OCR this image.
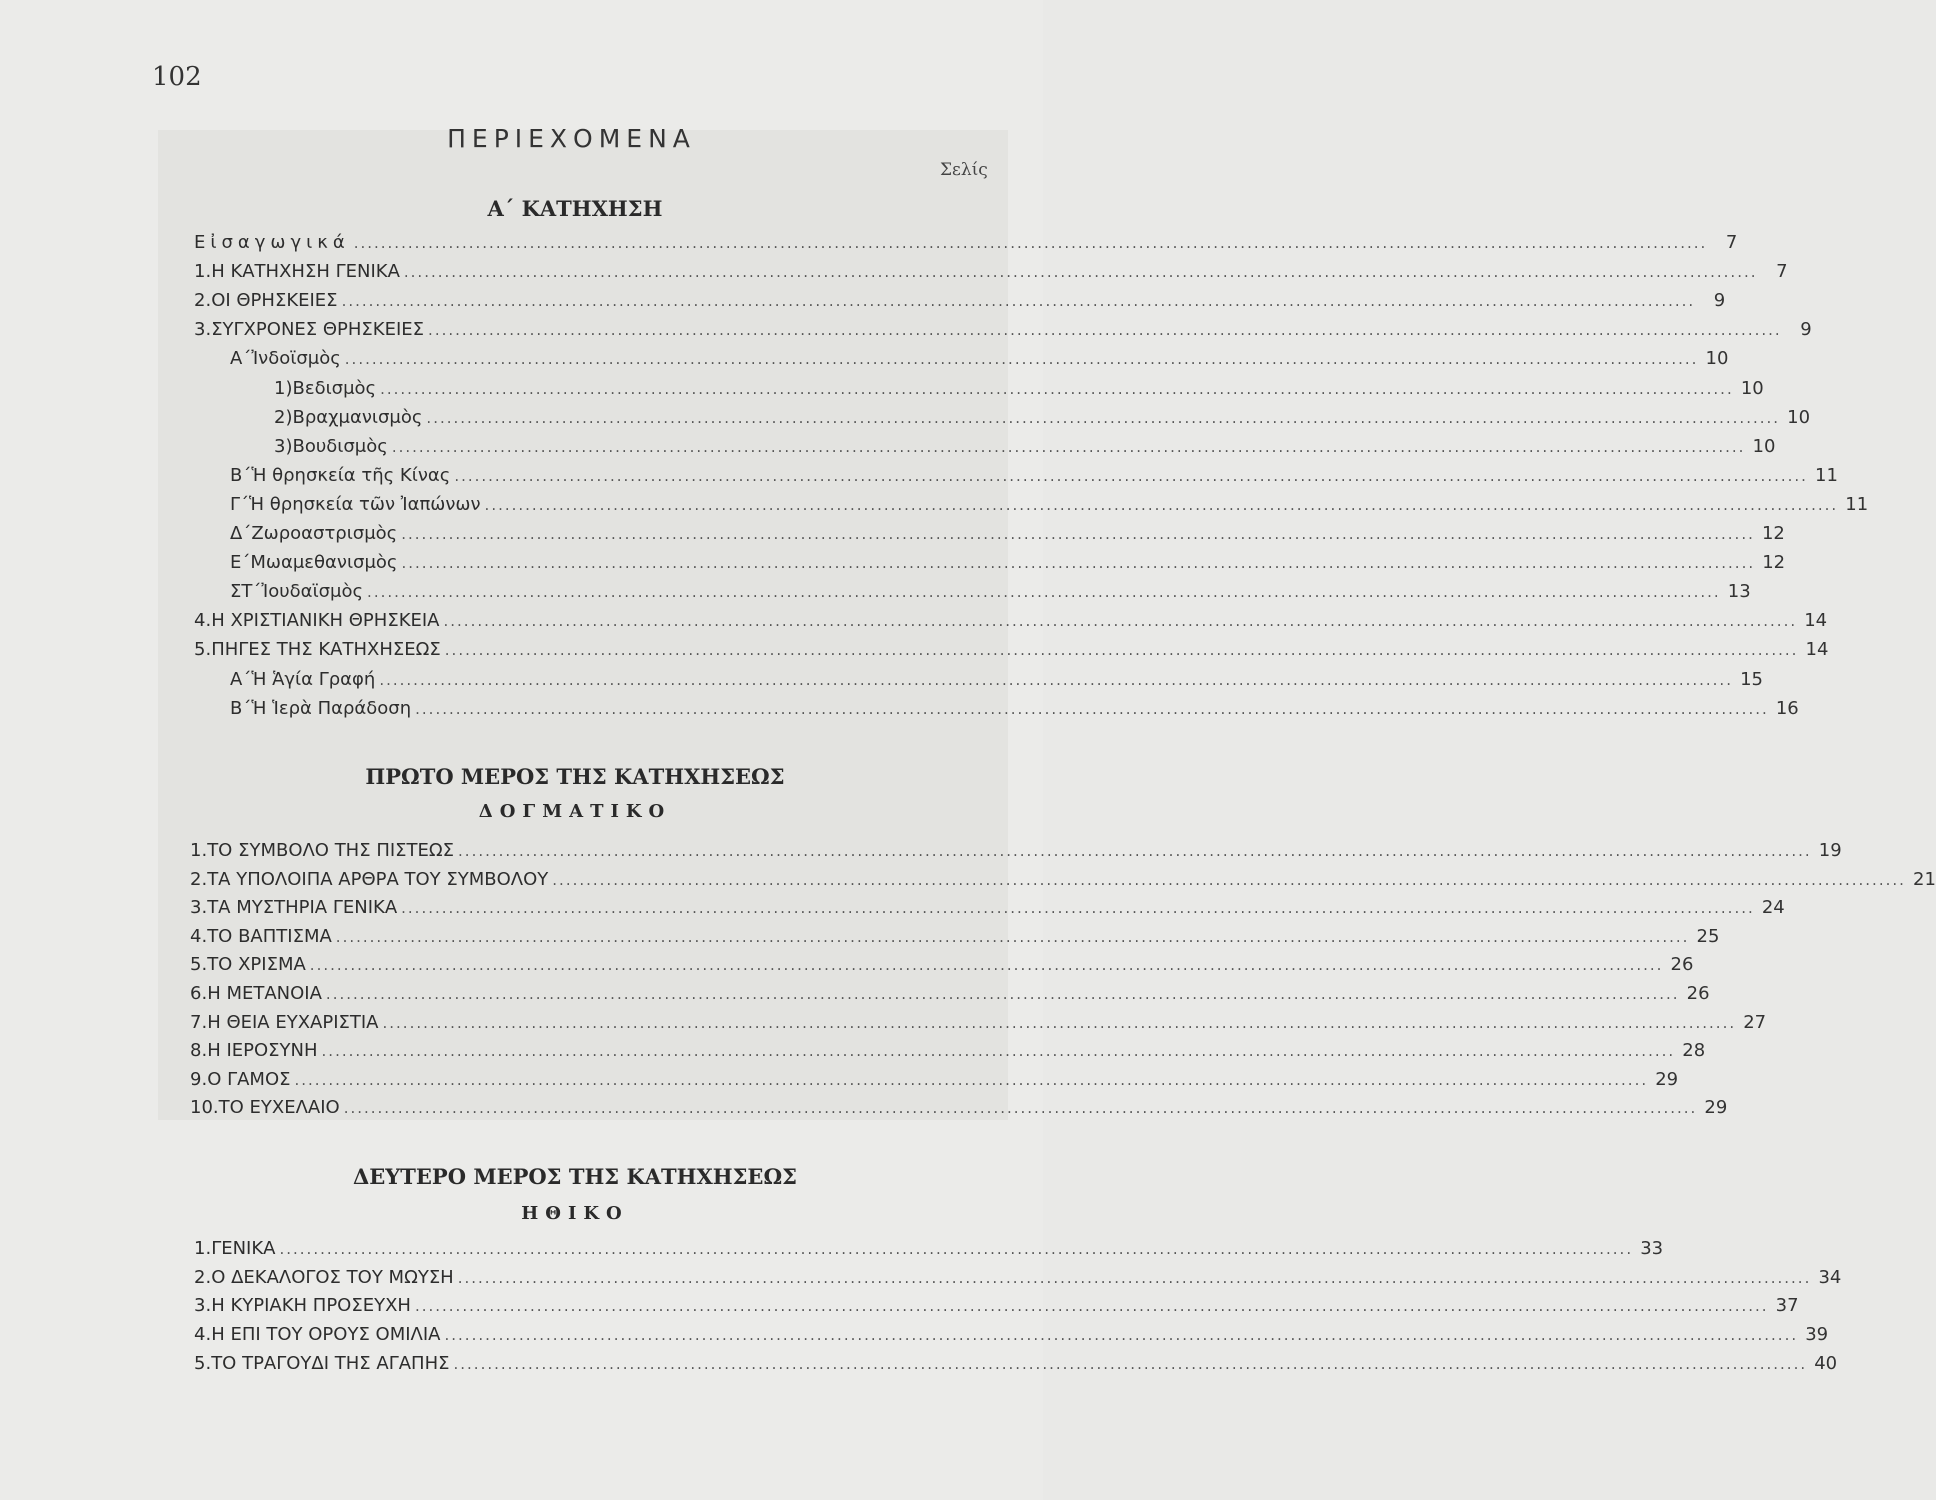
102
ΠΕΡΙΕΧΟΜΕΝΑ
Σελίς
Α΄ ΚΑΤΗΧΗΣΗ
Εἰσαγωγικά ........................................................................................................................................................................................................	7
1. Η ΚΑΤΗΧΗΣΗ ΓΕΝΙΚΑ ........................................................................................................................................................................................................	7
2. ΟΙ ΘΡΗΣΚΕΙΕΣ ........................................................................................................................................................................................................	9
3. ΣΥΓΧΡΟΝΕΣ ΘΡΗΣΚΕΙΕΣ ........................................................................................................................................................................................................	9
Α΄ Ἰνδοϊσμὸς ........................................................................................................................................................................................................ 10
1) Βεδισμὸς ........................................................................................................................................................................................................ 10
2) Βραχμανισμὸς ........................................................................................................................................................................................................ 10
3) Βουδισμὸς ........................................................................................................................................................................................................ 10
Β΄ Ἡ θρησκεία τῆς Κίνας ........................................................................................................................................................................................................ 11
Γ΄ Ἡ θρησκεία τῶν Ἰαπώνων ........................................................................................................................................................................................................ 11
Δ΄ Ζωροαστρισμὸς ........................................................................................................................................................................................................ 12
Ε΄ Μωαμεθανισμὸς ........................................................................................................................................................................................................ 12
ΣΤ΄ Ἰουδαϊσμὸς ........................................................................................................................................................................................................ 13
4. Η ΧΡΙΣΤΙΑΝΙΚΗ ΘΡΗΣΚΕΙΑ ........................................................................................................................................................................................................ 14
5. ΠΗΓΕΣ ΤΗΣ ΚΑΤΗΧΗΣΕΩΣ ........................................................................................................................................................................................................ 14
Α΄ Ἡ Ἁγία Γραφή ........................................................................................................................................................................................................ 15
Β΄ Ἡ Ἱερὰ Παράδοση ........................................................................................................................................................................................................ 16
ΠΡΩΤΟ ΜΕΡΟΣ ΤΗΣ ΚΑΤΗΧΗΣΕΩΣ
ΔΟΓΜΑΤΙΚΟ
1. ΤΟ ΣΥΜΒΟΛΟ ΤΗΣ ΠΙΣΤΕΩΣ ........................................................................................................................................................................................................ 19
2. ΤΑ ΥΠΟΛΟΙΠΑ ΑΡΘΡΑ ΤΟΥ ΣΥΜΒΟΛΟΥ ........................................................................................................................................................................................................ 21
3. ΤΑ ΜΥΣΤΗΡΙΑ ΓΕΝΙΚΑ ........................................................................................................................................................................................................ 24
4. ΤΟ ΒΑΠΤΙΣΜΑ ........................................................................................................................................................................................................ 25
5. ΤΟ ΧΡΙΣΜΑ ........................................................................................................................................................................................................ 26
6. Η ΜΕΤΑΝΟΙΑ ........................................................................................................................................................................................................ 26
7. Η ΘΕΙΑ ΕΥΧΑΡΙΣΤΙΑ ........................................................................................................................................................................................................ 27
8. Η ΙΕΡΟΣΥΝΗ ........................................................................................................................................................................................................ 28
9. Ο ΓΑΜΟΣ ........................................................................................................................................................................................................ 29
10. ΤΟ ΕΥΧΕΛΑΙΟ ........................................................................................................................................................................................................ 29
ΔΕΥΤΕΡΟ ΜΕΡΟΣ ΤΗΣ ΚΑΤΗΧΗΣΕΩΣ
ΗΘΙΚΟ
1. ΓΕΝΙΚΑ ........................................................................................................................................................................................................ 33
2. Ο ΔΕΚΑΛΟΓΟΣ ΤΟΥ ΜΩΥΣΗ ........................................................................................................................................................................................................ 34
3. Η ΚΥΡΙΑΚΗ ΠΡΟΣΕΥΧΗ ........................................................................................................................................................................................................ 37
4. Η ΕΠΙ ΤΟΥ ΟΡΟΥΣ ΟΜΙΛΙΑ ........................................................................................................................................................................................................ 39
5. ΤΟ ΤΡΑΓΟΥΔΙ ΤΗΣ ΑΓΑΠΗΣ ........................................................................................................................................................................................................ 40
